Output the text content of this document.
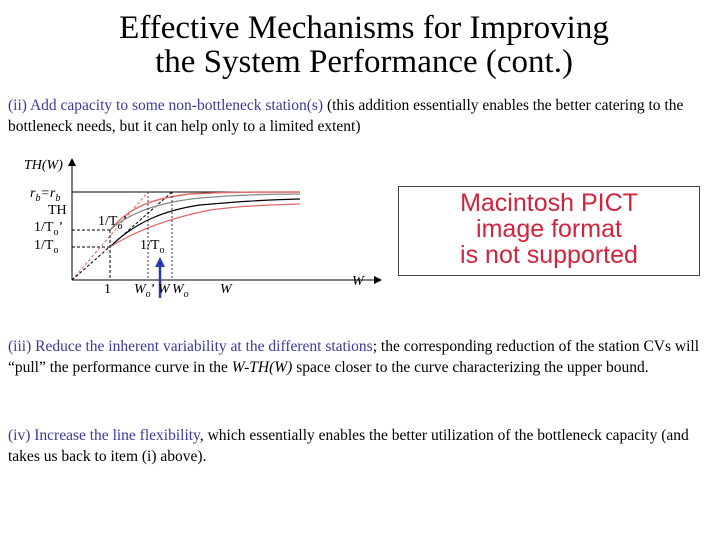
Effective Mechanisms for Improving
the System Performance (cont.)
(ii) Add capacity to some non-bottleneck station(s) (this addition essentially enables the better catering to the bottleneck needs, but it can help only to a limited extent)
TH(W)
$r_b=r_b$
TH
$1/T_o$’
$1/T_o$
$1/T_o$’
$1/T_o$
1 $W_o$’ W $W_o$ W
W
Macintosh PICT
image format
is not supported
(iii) Reduce the inherent variability at the different stations; the corresponding reduction of the station CVs will “pull” the performance curve in the W-TH(W) space closer to the curve characterizing the upper bound.
(iv) Increase the line flexibility, which essentially enables the better utilization of the bottleneck capacity (and takes us back to item (i) above).
